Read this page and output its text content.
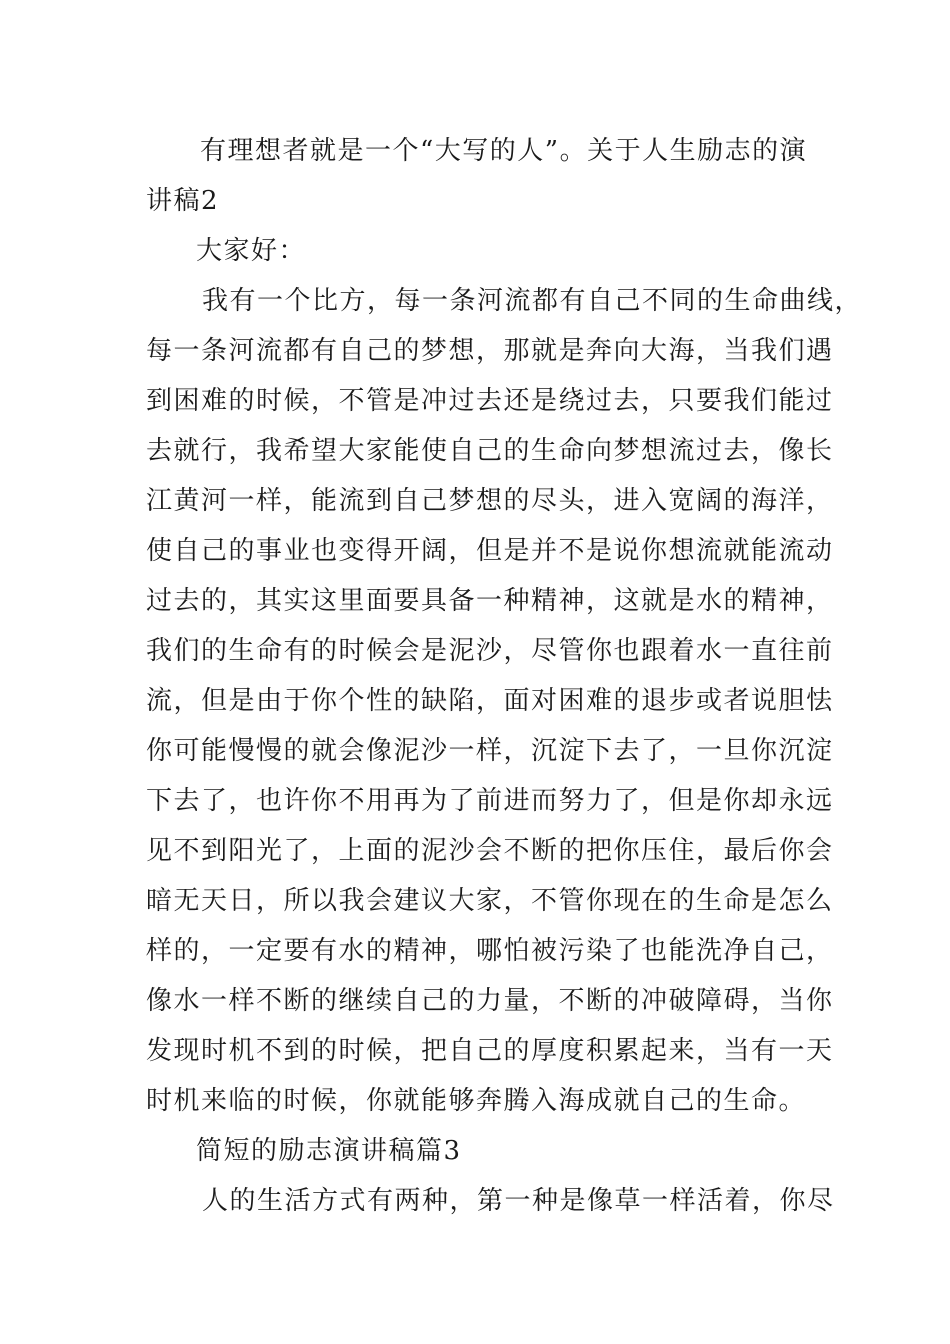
有理想者就是一个“大写的人”。关于人生励志的演
讲稿2
大家好：
我有一个比方，每一条河流都有自己不同的生命曲线，
每一条河流都有自己的梦想，那就是奔向大海，当我们遇
到困难的时候，不管是冲过去还是绕过去，只要我们能过
去就行，我希望大家能使自己的生命向梦想流过去，像长
江黄河一样，能流到自己梦想的尽头，进入宽阔的海洋，
使自己的事业也变得开阔，但是并不是说你想流就能流动
过去的，其实这里面要具备一种精神，这就是水的精神，
我们的生命有的时候会是泥沙，尽管你也跟着水一直往前
流，但是由于你个性的缺陷，面对困难的退步或者说胆怯
你可能慢慢的就会像泥沙一样，沉淀下去了，一旦你沉淀
下去了，也许你不用再为了前进而努力了，但是你却永远
见不到阳光了，上面的泥沙会不断的把你压住，最后你会
暗无天日，所以我会建议大家，不管你现在的生命是怎么
样的，一定要有水的精神，哪怕被污染了也能洗净自己，
像水一样不断的继续自己的力量，不断的冲破障碍，当你
发现时机不到的时候，把自己的厚度积累起来，当有一天
时机来临的时候，你就能够奔腾入海成就自己的生命。
简短的励志演讲稿篇3
人的生活方式有两种，第一种是像草一样活着，你尽
